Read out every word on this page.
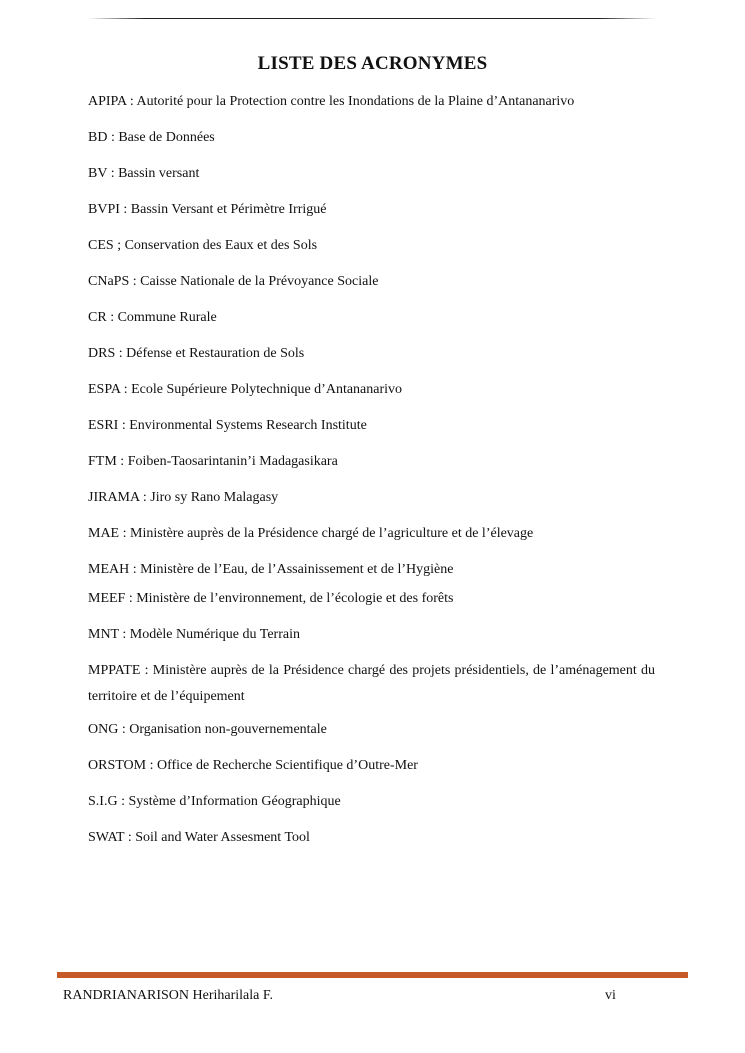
LISTE DES ACRONYMES

APIPA : Autorité pour la Protection contre les Inondations de la Plaine d’Antananarivo

BD : Base de Données

BV : Bassin versant

BVPI : Bassin Versant et Périmètre Irrigué

CES ; Conservation des Eaux et des Sols

CNaPS : Caisse Nationale de la Prévoyance Sociale

CR : Commune Rurale

DRS : Défense et Restauration de Sols

ESPA : Ecole Supérieure Polytechnique d’Antananarivo

ESRI : Environmental Systems Research Institute

FTM : Foiben-Taosarintanin’i Madagasikara

JIRAMA : Jiro sy Rano Malagasy

MAE : Ministère auprès de la Présidence chargé de l’agriculture et de l’élevage

MEAH : Ministère de l’Eau, de l’Assainissement et de l’Hygiène

MEEF : Ministère de l’environnement, de l’écologie et des forêts

MNT : Modèle Numérique du Terrain

MPPATE : Ministère auprès de la Présidence chargé des projets présidentiels, de l’aménagement du territoire et de l’équipement

ONG : Organisation non-gouvernementale

ORSTOM : Office de Recherche Scientifique d’Outre-Mer

S.I.G : Système d’Information Géographique

SWAT : Soil and Water Assesment Tool

RANDRIANARISON Heriharilala F.	vi
